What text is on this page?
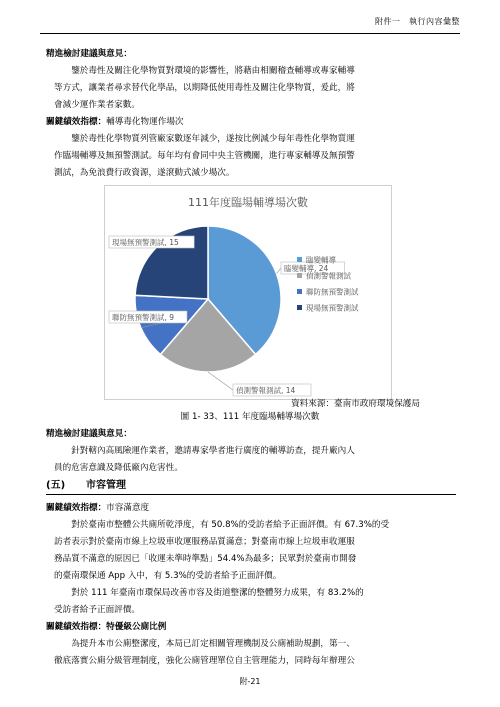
附件一　執行內容彙整

精進檢討建議與意見：

鑒於毒性及關注化學物質對環境的影響性，將藉由相關稽查輔導或專家輔導

等方式，讓業者尋求替代化學品，以期降低使用毒性及關注化學物質，爰此，將

會減少運作業者家數。

關鍵績效指標：輔導毒化物運作場次

鑒於毒性化學物質列管廠家數逐年減少，遂按比例減少每年毒性化學物質運

作臨場輔導及無預警測試。每年均有會同中央主管機關，進行專家輔導及無預警

測試，為免浪費行政資源，遂滾動式減少場次。

111年度臨場輔導場次數
臨變輔導, 24
偵測警報測試, 14
聯防無預警測試, 9
現場無預警測試, 15
臨變輔導
偵測警報測試
聯防無預警測試
現場無預警測試
資料來源：臺南市政府環境保護局
圖 1- 33、111 年度臨場輔導場次數

精進檢討建議與意見：

針對轄內高風險運作業者，邀請專家學者進行廣度的輔導訪查，提升廠內人

員的危害意識及降低廠內危害性。

(五) 市容管理

關鍵績效指標：市容滿意度

對於臺南市整體公共廁所乾淨度，有 50.8%的受訪者給予正面評價。有 67.3%的受

訪者表示對於臺南市線上垃圾車收運服務品質滿意；對臺南市線上垃圾車收運服

務品質不滿意的原因已「收運未準時準點」54.4%為最多；民眾對於臺南市開發

的臺南環保通 App 入中，有 5.3%的受訪者給予正面評價。

對於 111 年臺南市環保局改善市容及街道整潔的整體努力成果，有 83.2%的

受訪者給予正面評價。

關鍵績效指標：特優級公廁比例

為提升本市公廁整潔度，本局已訂定相關管理機制及公廁補助規劃，第一、

徹底落實公廁分級管理制度，強化公廁管理單位自主管理能力，同時每年辦理公

附-21
